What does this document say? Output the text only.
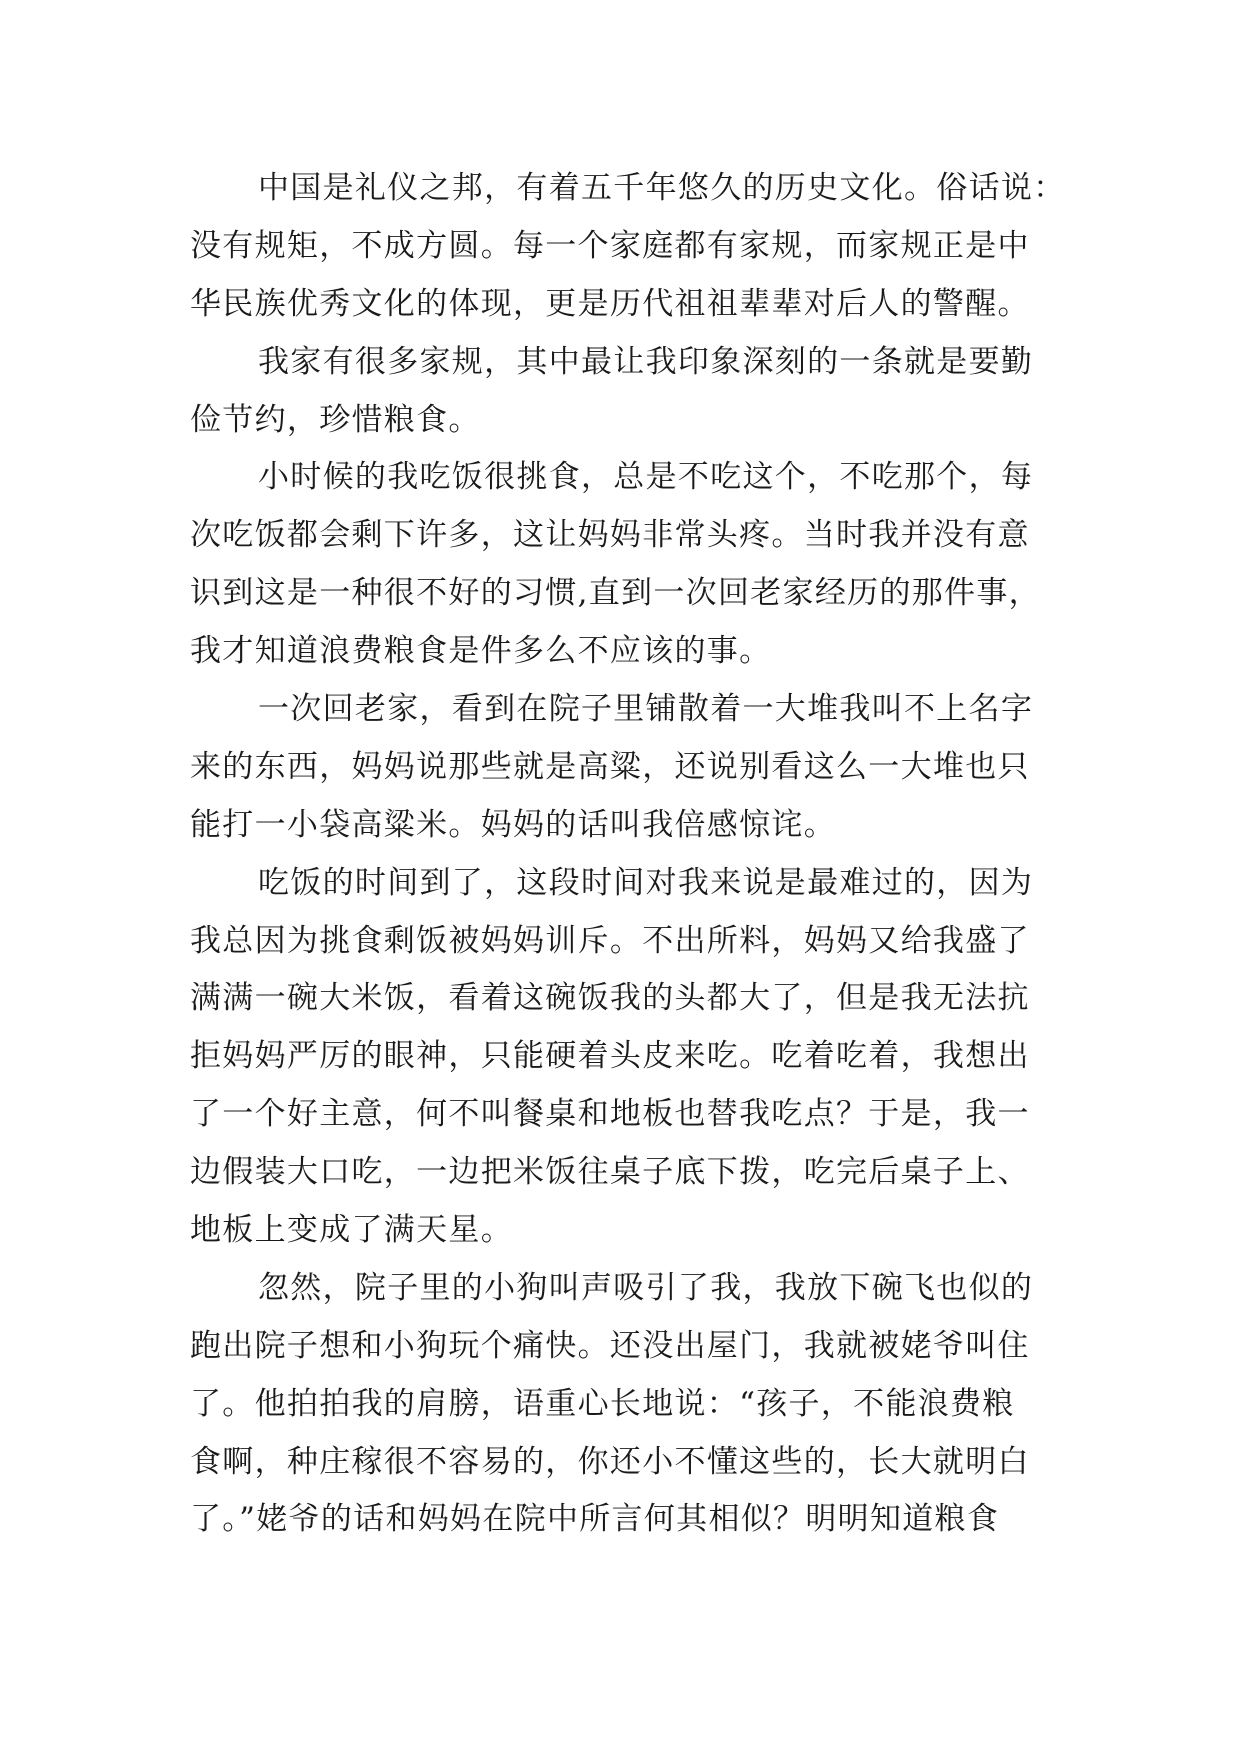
中国是礼仪之邦，有着五千年悠久的历史文化。俗话说：
没有规矩，不成方圆。每一个家庭都有家规，而家规正是中
华民族优秀文化的体现，更是历代祖祖辈辈对后人的警醒。
我家有很多家规，其中最让我印象深刻的一条就是要勤
俭节约，珍惜粮食。
小时候的我吃饭很挑食，总是不吃这个，不吃那个，每
次吃饭都会剩下许多，这让妈妈非常头疼。当时我并没有意
识到这是一种很不好的习惯,直到一次回老家经历的那件事，
我才知道浪费粮食是件多么不应该的事。
一次回老家，看到在院子里铺散着一大堆我叫不上名字
来的东西，妈妈说那些就是高粱，还说别看这么一大堆也只
能打一小袋高粱米。妈妈的话叫我倍感惊诧。
吃饭的时间到了，这段时间对我来说是最难过的，因为
我总因为挑食剩饭被妈妈训斥。不出所料，妈妈又给我盛了
满满一碗大米饭，看着这碗饭我的头都大了，但是我无法抗
拒妈妈严厉的眼神，只能硬着头皮来吃。吃着吃着，我想出
了一个好主意，何不叫餐桌和地板也替我吃点？于是，我一
边假装大口吃，一边把米饭往桌子底下拨，吃完后桌子上、
地板上变成了满天星。
忽然，院子里的小狗叫声吸引了我，我放下碗飞也似的
跑出院子想和小狗玩个痛快。还没出屋门，我就被姥爷叫住
了。他拍拍我的肩膀，语重心长地说：“孩子，不能浪费粮
食啊，种庄稼很不容易的，你还小不懂这些的，长大就明白
了。”姥爷的话和妈妈在院中所言何其相似？明明知道粮食
